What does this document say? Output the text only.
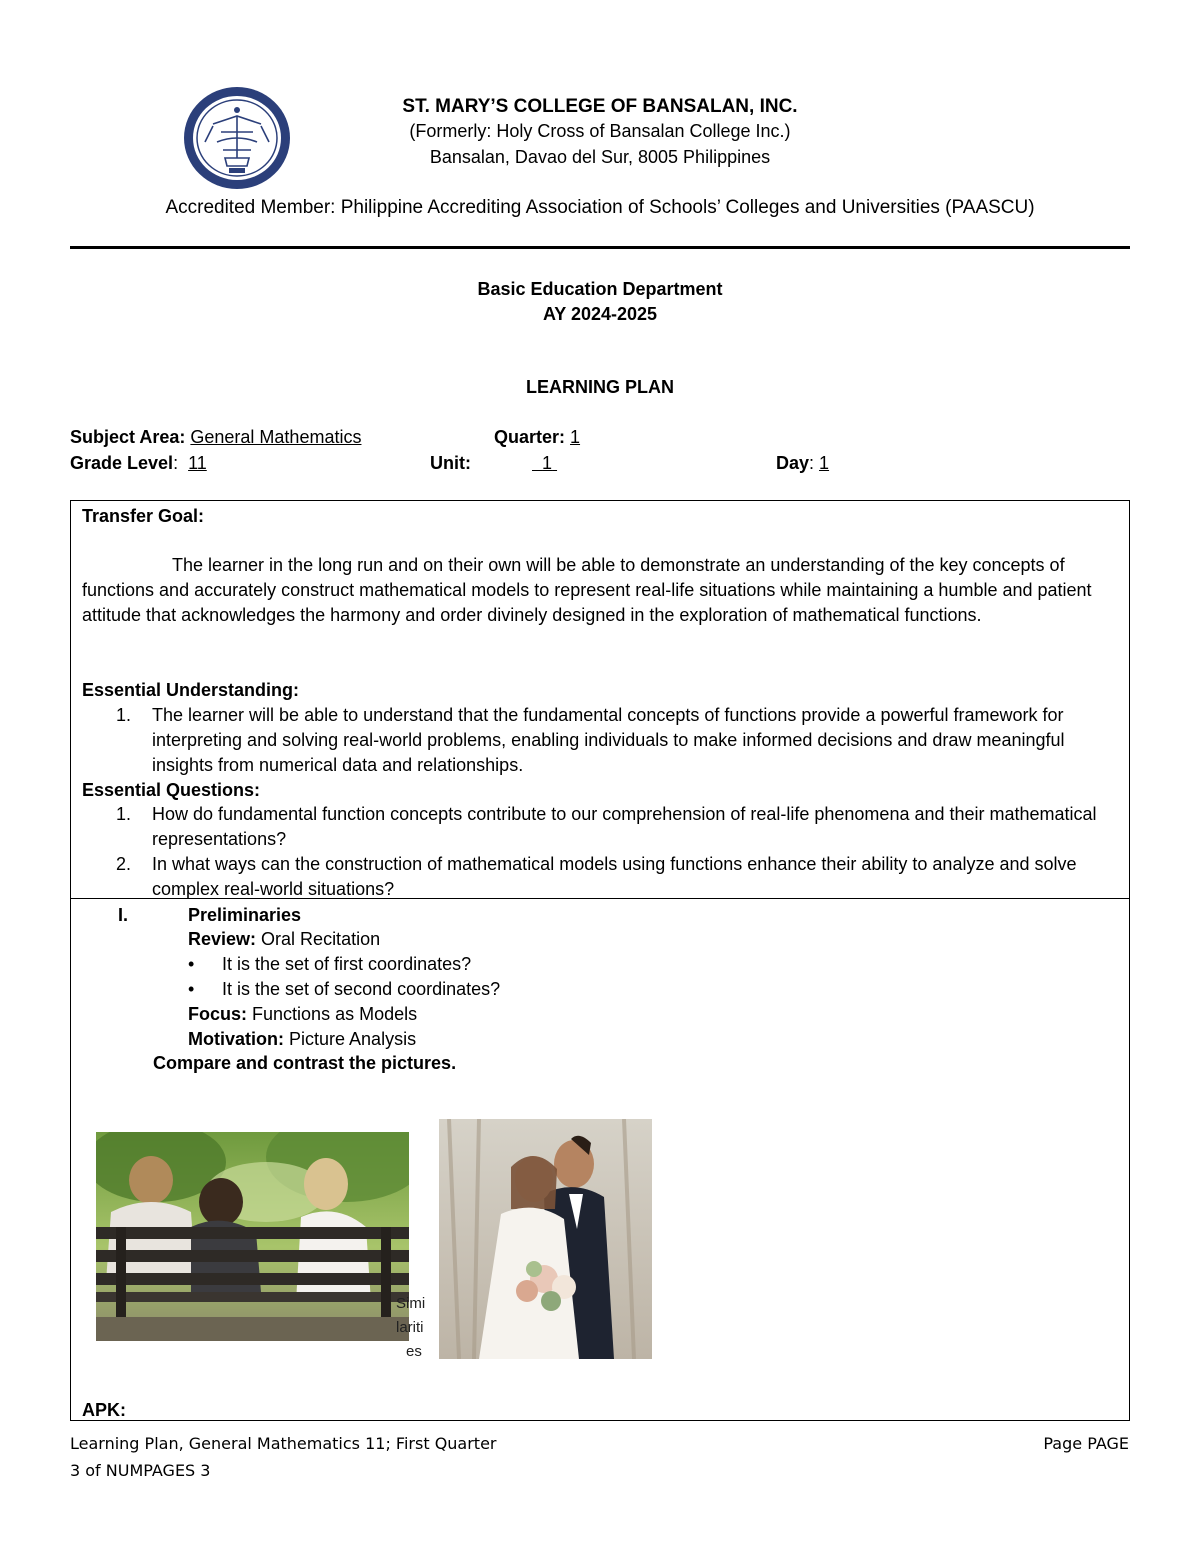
ST. MARY’S COLLEGE OF BANSALAN, INC.
(Formerly: Holy Cross of Bansalan College Inc.)
Bansalan, Davao del Sur, 8005 Philippines
Accredited Member: Philippine Accrediting Association of Schools’ Colleges and Universities (PAASCU)
Basic Education Department
AY 2024-2025
LEARNING PLAN
Subject Area: General Mathematics	Quarter: 1
Grade Level:  11	Unit:	1	Day: 1
Transfer Goal:
The learner in the long run and on their own will be able to demonstrate an understanding of the key concepts of functions and accurately construct mathematical models to represent real-life situations while maintaining a humble and patient attitude that acknowledges the harmony and order divinely designed in the exploration of mathematical functions.
Essential Understanding:
1. The learner will be able to understand that the fundamental concepts of functions provide a powerful framework for interpreting and solving real-world problems, enabling individuals to make informed decisions and draw meaningful insights from numerical data and relationships.
Essential Questions:
1. How do fundamental function concepts contribute to our comprehension of real-life phenomena and their mathematical representations?
2. In what ways can the construction of mathematical models using functions enhance their ability to analyze and solve complex real-world situations?
I.	Preliminaries
Review: Oral Recitation
• It is the set of first coordinates?
• It is the set of second coordinates?
Focus: Functions as Models
Motivation: Picture Analysis
Compare and contrast the pictures.
Simi
lariti
es
APK:
Learning Plan, General Mathematics 11; First Quarter	Page PAGE
3 of NUMPAGES 3
